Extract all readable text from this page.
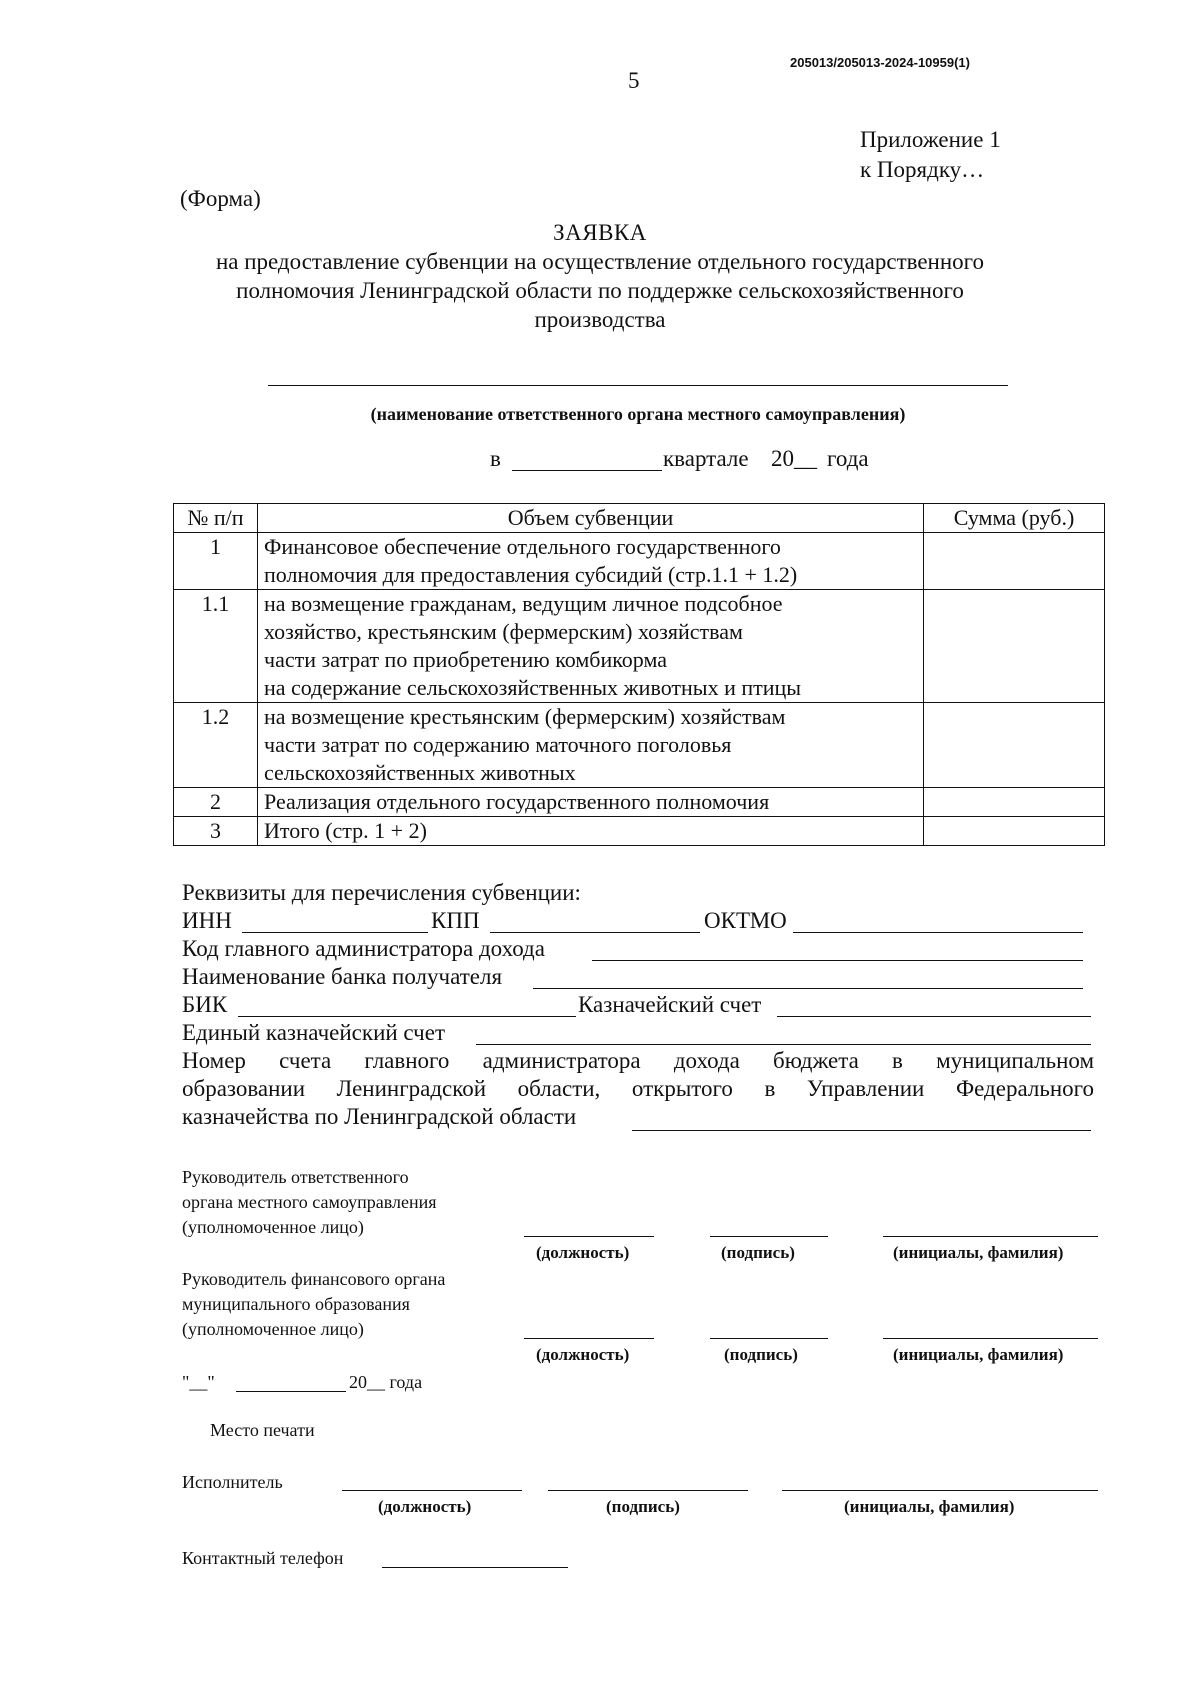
205013/205013-2024-10959(1)
5
Приложение 1
к Порядку…
(Форма)
ЗАЯВКА
на предоставление субвенции на осуществление отдельного государственного
полномочия Ленинградской области по поддержке сельскохозяйственного
производства
(наименование ответственного органа местного самоуправления)
в	квартале 20__ года
№ п/п	Объем субвенции	Сумма (руб.)
1	Финансовое обеспечение отдельного государственного
полномочия для предоставления субсидий (стр.1.1 + 1.2)	

1.1	на возмещение гражданам, ведущим личное подсобное
хозяйство, крестьянским (фермерским) хозяйствам
части затрат по приобретению комбикорма
на содержание сельскохозяйственных животных и птицы	

1.2	на возмещение крестьянским (фермерским) хозяйствам
части затрат по содержанию маточного поголовья
сельскохозяйственных животных	

2	Реализация отдельного государственного полномочия	

3	Итого (стр. 1 + 2)	

Реквизиты для перечисления субвенции:
ИНН	КПП	ОКТМО
Код главного администратора дохода
Наименование банка получателя
БИК	Казначейский счет
Единый казначейский счет
Номер счета главного администратора дохода бюджета в муниципальном
образовании Ленинградской области, открытого в Управлении Федерального
казначейства по Ленинградской области
Руководитель ответственного
органа местного самоуправления
(уполномоченное лицо)
(должность)	(подпись)	(инициалы, фамилия)
Руководитель финансового органа
муниципального образования
(уполномоченное лицо)
(должность)	(подпись)	(инициалы, фамилия)
"__"	20__ года
Место печати
Исполнитель
(должность)	(подпись)	(инициалы, фамилия)
Контактный телефон
